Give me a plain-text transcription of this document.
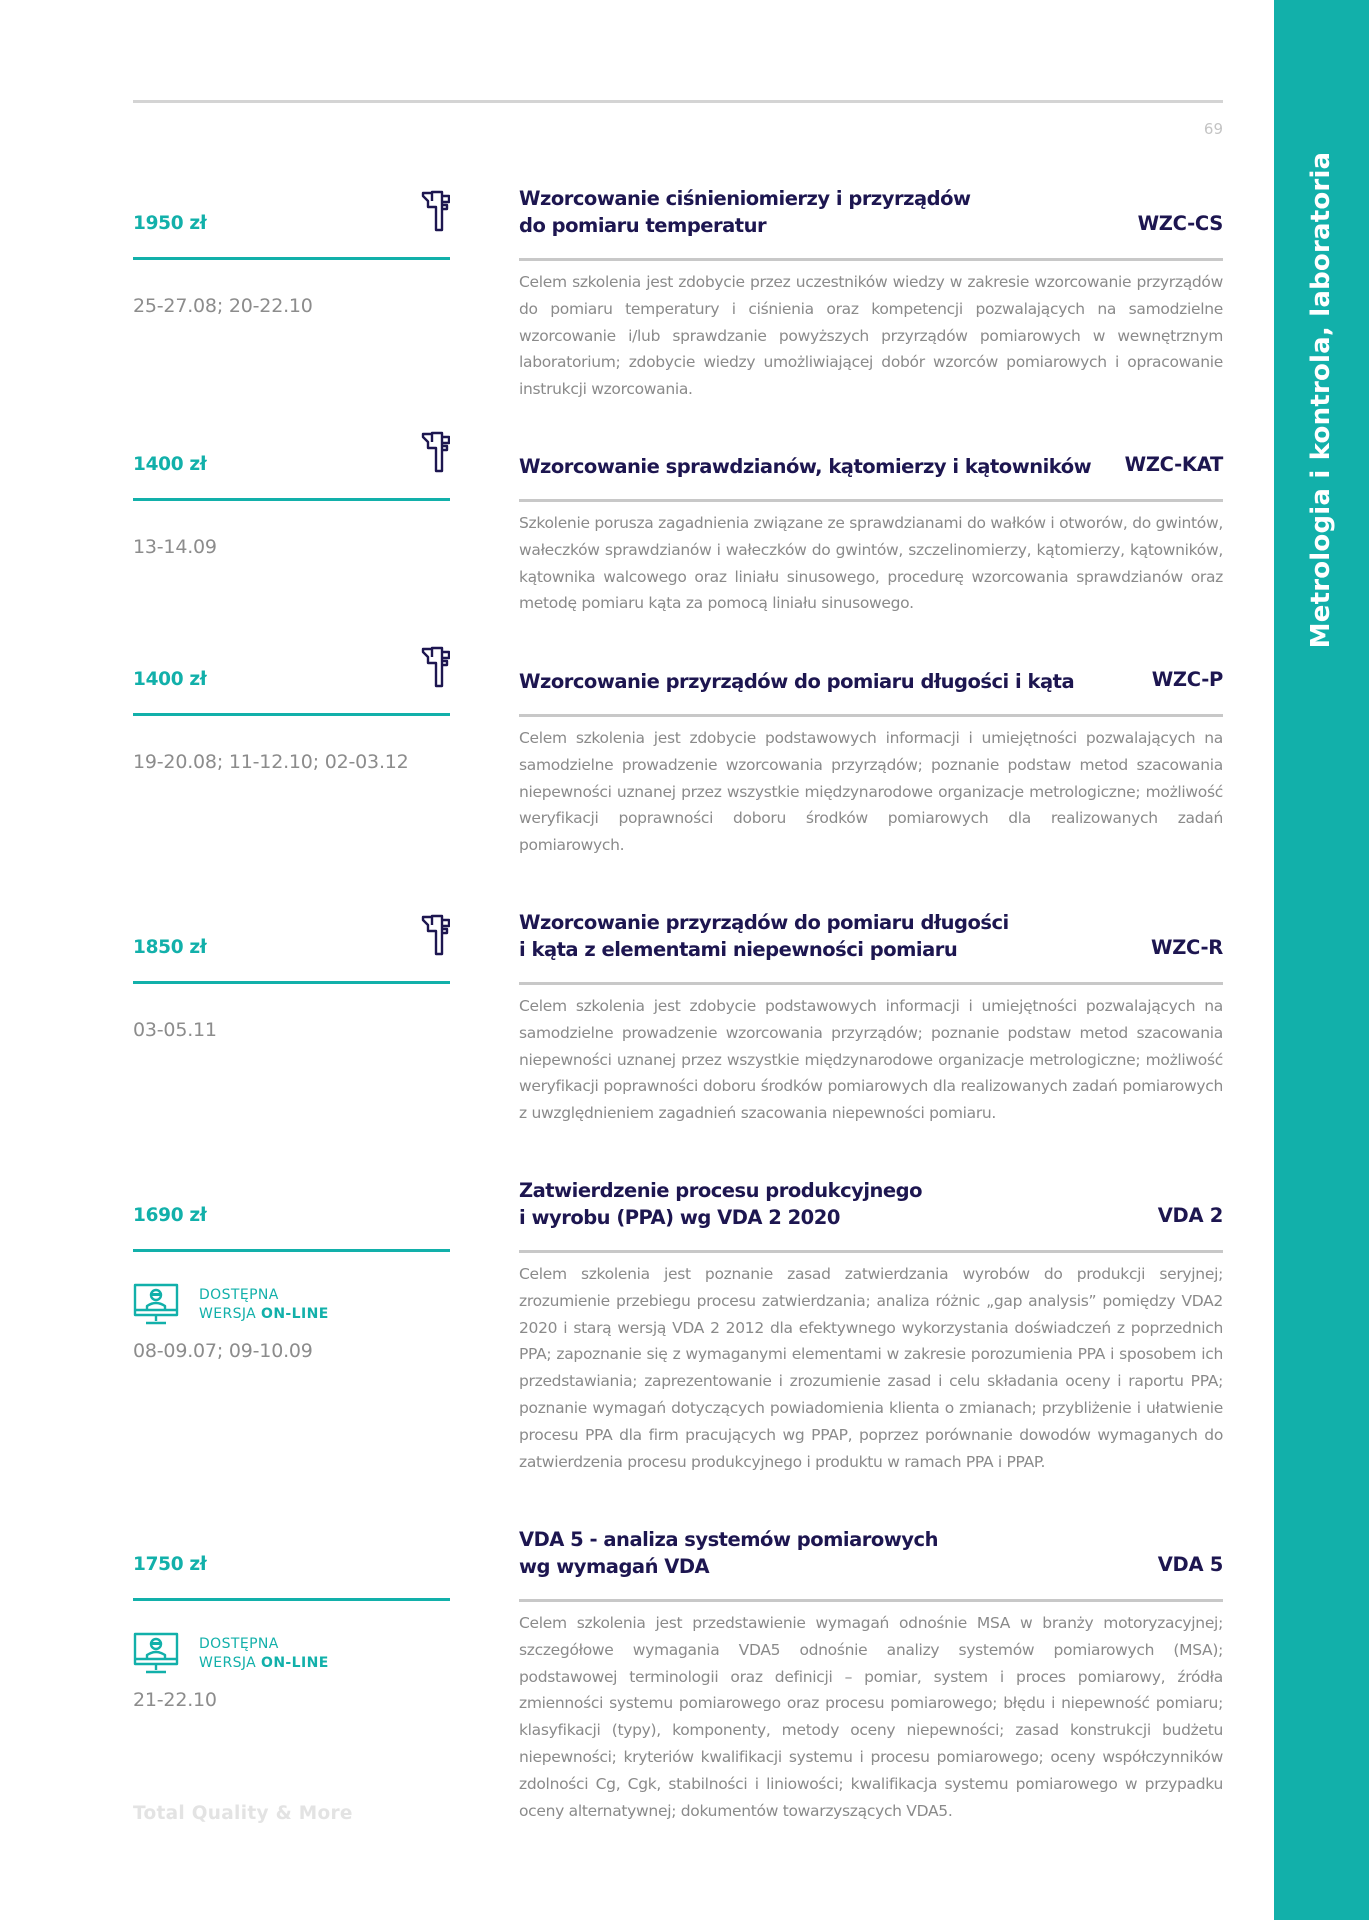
Metrologia i kontrola, laboratoria
69
1950 zł
25-27.08; 20-22.10
Wzorcowanie ciśnieniomierzy i przyrządów
do pomiaru temperatur	WZC-CS
Celem szkolenia jest zdobycie przez uczestników wiedzy w zakresie wzorcowanie przyrządów do pomiaru temperatury i ciśnienia oraz kompetencji pozwalających na samodzielne wzorcowanie i/lub sprawdzanie powyższych przyrządów pomiarowych w wewnętrznym laboratorium; zdobycie wiedzy umożliwiającej dobór wzorców pomiarowych i opracowanie instrukcji wzorcowania.
1400 zł
13-14.09
Wzorcowanie sprawdzianów, kątomierzy i kątowników	WZC-KAT
Szkolenie porusza zagadnienia związane ze sprawdzianami do wałków i otworów, do gwintów, wałeczków sprawdzianów i wałeczków do gwintów, szczelinomierzy, kątomierzy, kątowników, kątownika walcowego oraz liniału sinusowego, procedurę wzorcowania sprawdzianów oraz metodę pomiaru kąta za pomocą liniału sinusowego.
1400 zł
19-20.08; 11-12.10; 02-03.12
Wzorcowanie przyrządów do pomiaru długości i kąta	WZC-P
Celem szkolenia jest zdobycie podstawowych informacji i umiejętności pozwalających na samodzielne prowadzenie wzorcowania przyrządów; poznanie podstaw metod szacowania niepewności uznanej przez wszystkie międzynarodowe organizacje metrologiczne; możliwość weryfikacji poprawności doboru środków pomiarowych dla realizowanych zadań pomiarowych.
1850 zł
03-05.11
Wzorcowanie przyrządów do pomiaru długości
i kąta z elementami niepewności pomiaru	WZC-R
Celem szkolenia jest zdobycie podstawowych informacji i umiejętności pozwalających na samodzielne prowadzenie wzorcowania przyrządów; poznanie podstaw metod szacowania niepewności uznanej przez wszystkie międzynarodowe organizacje metrologiczne; możliwość weryfikacji poprawności doboru środków pomiarowych dla realizowanych zadań pomiarowych z uwzględnieniem zagadnień szacowania niepewności pomiaru.
1690 zł
DOSTĘPNA
WERSJA ON-LINE
08-09.07; 09-10.09
Zatwierdzenie procesu produkcyjnego
i wyrobu (PPA) wg VDA 2 2020	VDA 2
Celem szkolenia jest poznanie zasad zatwierdzania wyrobów do produkcji seryjnej; zrozumienie przebiegu procesu zatwierdzania; analiza różnic „gap analysis” pomiędzy VDA2 2020 i starą wersją VDA 2 2012 dla efektywnego wykorzystania doświadczeń z poprzednich PPA; zapoznanie się z wymaganymi elementami w zakresie porozumienia PPA i sposobem ich przedstawiania; zaprezentowanie i zrozumienie zasad i celu składania oceny i raportu PPA; poznanie wymagań dotyczących powiadomienia klienta o zmianach; przybliżenie i ułatwienie procesu PPA dla firm pracujących wg PPAP, poprzez porównanie dowodów wymaganych do zatwierdzenia procesu produkcyjnego i produktu w ramach PPA i PPAP.
1750 zł
DOSTĘPNA
WERSJA ON-LINE
21-22.10
VDA 5 - analiza systemów pomiarowych
wg wymagań VDA	VDA 5
Celem szkolenia jest przedstawienie wymagań odnośnie MSA w branży motoryzacyjnej; szczegółowe wymagania VDA5 odnośnie analizy systemów pomiarowych (MSA); podstawowej terminologii oraz definicji – pomiar, system i proces pomiarowy, źródła zmienności systemu pomiarowego oraz procesu pomiarowego; błędu i niepewność pomiaru; klasyfikacji (typy), komponenty, metody oceny niepewności; zasad konstrukcji budżetu niepewności; kryteriów kwalifikacji systemu i procesu pomiarowego; oceny współczynników zdolności Cg, Cgk, stabilności i liniowości; kwalifikacja systemu pomiarowego w przypadku oceny alternatywnej; dokumentów towarzyszących VDA5.
Total Quality & More
